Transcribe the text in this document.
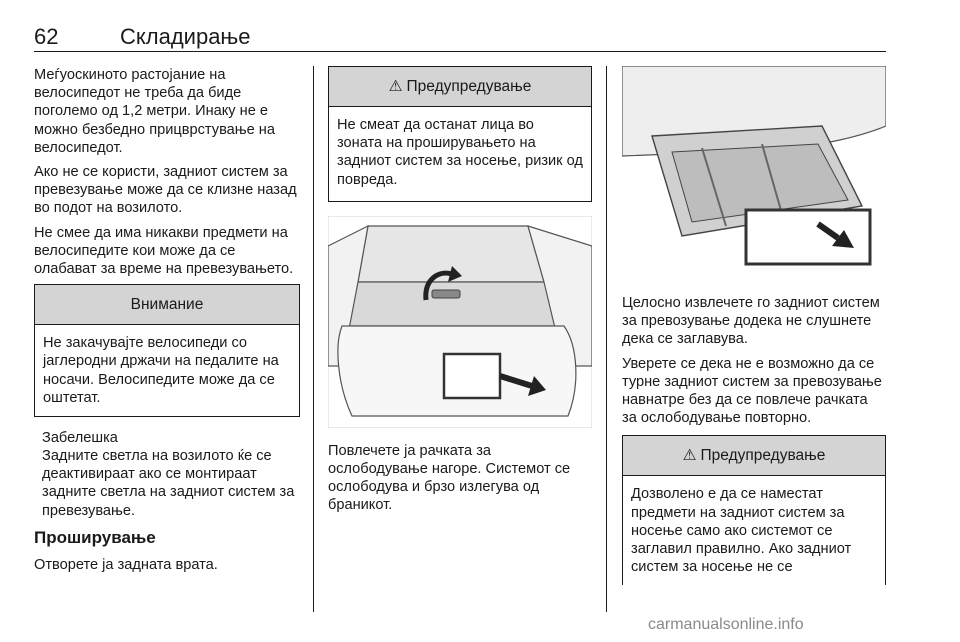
62	Складирање

Меѓуоскиното растојание на велосипедот не треба да биде поголемо од 1,2 метри. Инаку не е можно безбедно прицврстување на велосипедот.

Ако не се користи, задниот систем за превезување може да се клизне назад во подот на возилото.

Не смее да има никакви предмети на велосипедите кои може да се олабават за време на превезувањето.

Внимание
Не закачувајте велосипеди со јаглеродни држачи на педалите на носачи. Велосипедите може да се оштетат.
Забелешка
Задните светла на возилото ќе се деактивираат ако се монтираат задните светла на задниот систем за превезување.
Проширување

Отворете ја задната врата.

⚠ Предупредување
Не смеат да останат лица во зоната на проширувањето на задниот систем за носење, ризик од повреда.

Повлечете ја рачката за ослободување нагоре. Системот се ослободува и брзо излегува од браникот.

Целосно извлечете го задниот систем за превозување додека не слушнете дека се заглавува.

Уверете се дека не е возможно да се турне задниот систем за превозување навнатре без да се повлече рачката за ослободување повторно.

⚠ Предупредување
Дозволено е да се наместат предмети на задниот систем за носење само ако системот се заглавил правилно. Ако задниот систем за носење не се
carmanualsonline.info
